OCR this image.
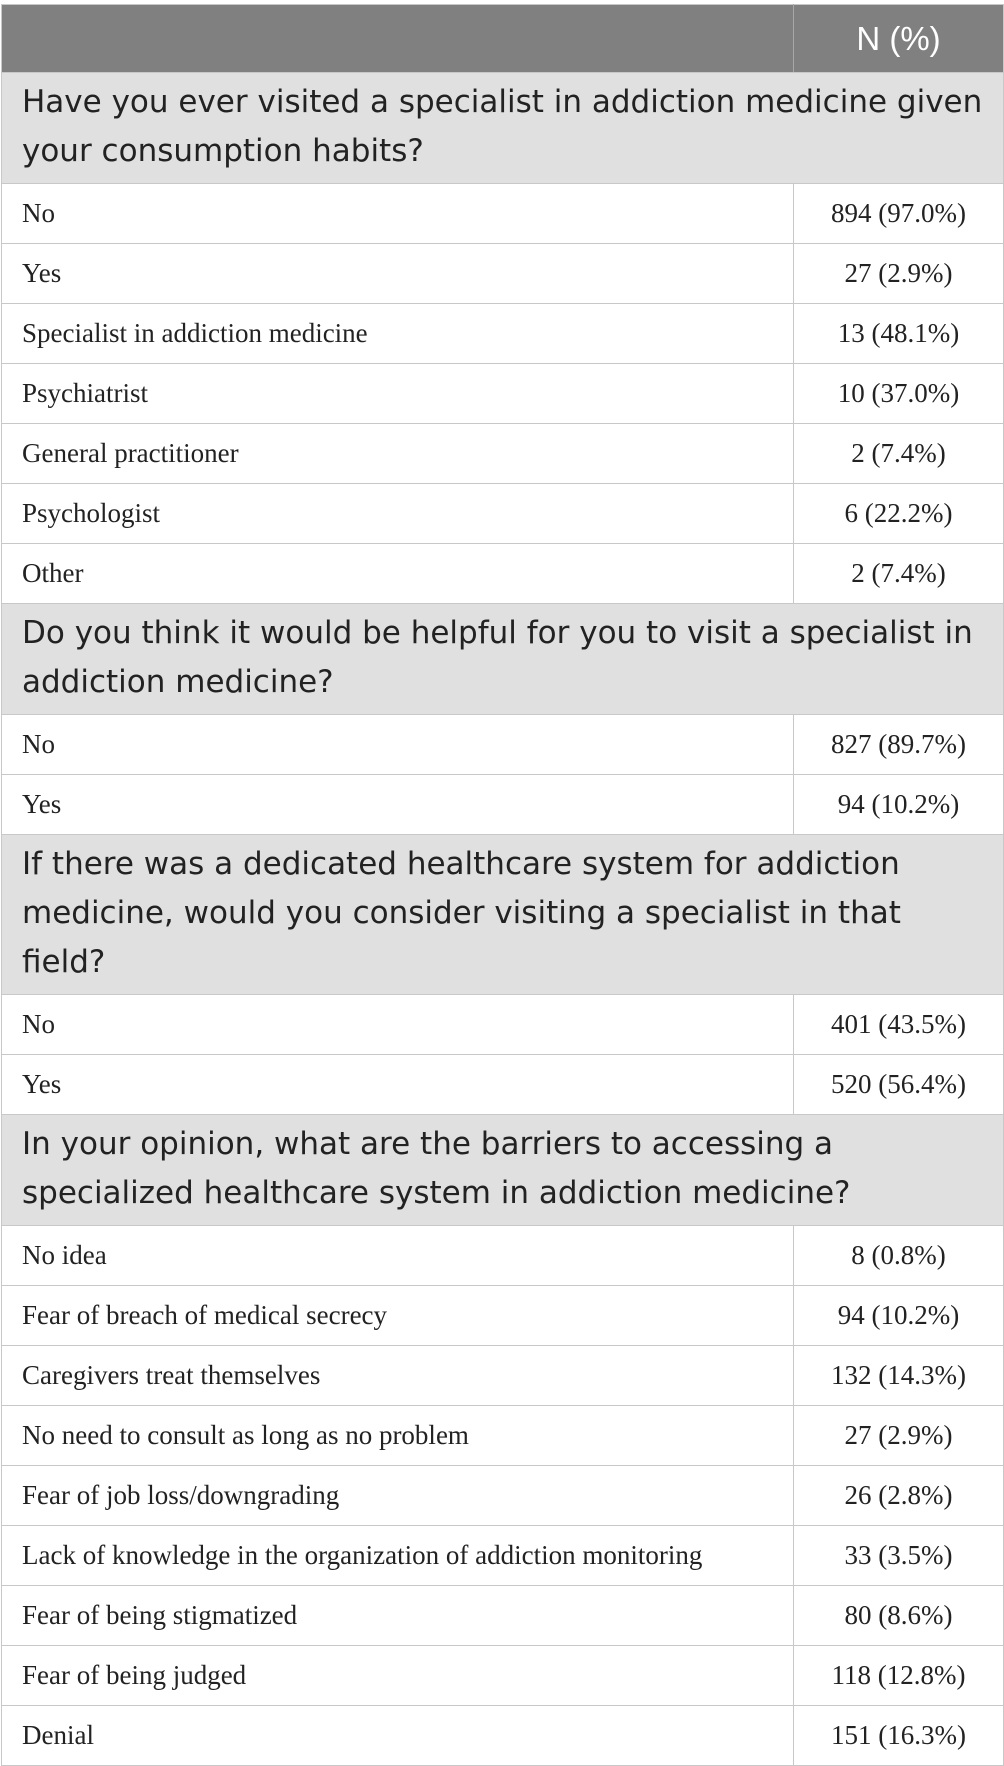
	N (%)
Have you ever visited a specialist in addiction medicine given your consumption habits?	
No	894 (97.0%)
Yes	27 (2.9%)
Specialist in addiction medicine	13 (48.1%)
Psychiatrist	10 (37.0%)
General practitioner	2 (7.4%)
Psychologist	6 (22.2%)
Other	2 (7.4%)
Do you think it would be helpful for you to visit a specialist in addiction medicine?	
No	827 (89.7%)
Yes	94 (10.2%)
If there was a dedicated healthcare system for addiction medicine, would you consider visiting a specialist in that field?	
No	401 (43.5%)
Yes	520 (56.4%)
In your opinion, what are the barriers to accessing a specialized healthcare system in addiction medicine?	
No idea	8 (0.8%)
Fear of breach of medical secrecy	94 (10.2%)
Caregivers treat themselves	132 (14.3%)
No need to consult as long as no problem	27 (2.9%)
Fear of job loss/downgrading	26 (2.8%)
Lack of knowledge in the organization of addiction monitoring	33 (3.5%)
Fear of being stigmatized	80 (8.6%)
Fear of being judged	118 (12.8%)
Denial	151 (16.3%)
